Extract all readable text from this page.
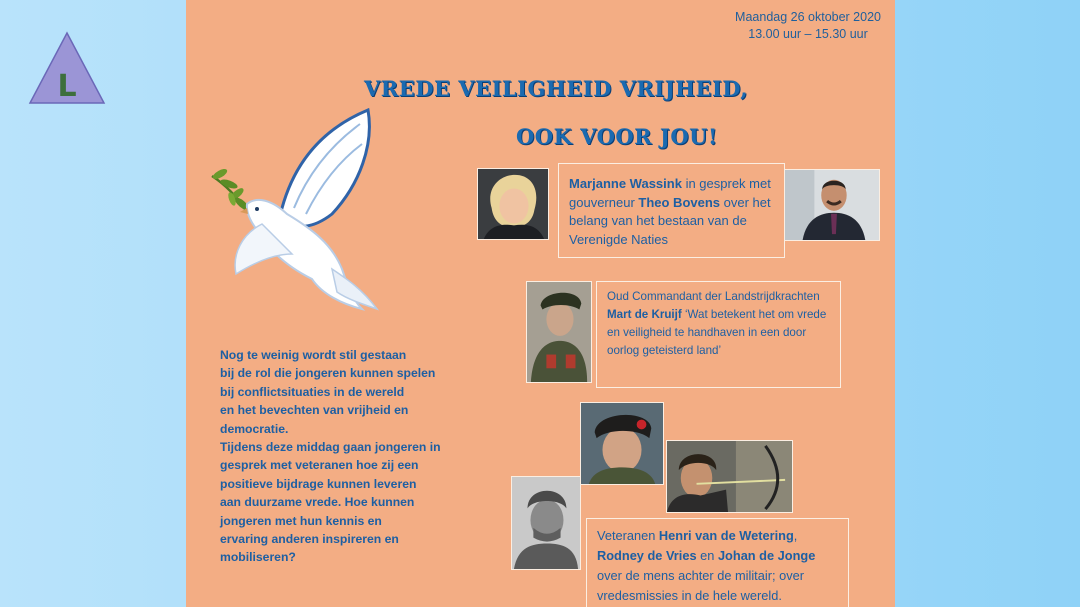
L
Maandag 26 oktober 2020
13.00 uur – 15.30 uur
VREDE VEILIGHEID VRIJHEID,
OOK VOOR JOU!
Nog te weinig wordt stil gestaan
bij de rol die jongeren kunnen spelen
bij conflictsituaties in de wereld
en het bevechten van vrijheid en
democratie.
Tijdens deze middag gaan jongeren in
gesprek met veteranen hoe zij een
positieve bijdrage kunnen leveren
aan duurzame vrede. Hoe kunnen
jongeren met hun kennis en
ervaring anderen inspireren en
mobiliseren?
Marjanne Wassink in gesprek met gouverneur Theo Bovens over het belang van het bestaan van de Verenigde Naties
Oud Commandant der Landstrijdkrachten Mart de Kruijf ‘Wat betekent het om vrede en veiligheid te handhaven in een door oorlog geteisterd land’
Veteranen Henri van de Wetering, Rodney de Vries en Johan de Jonge over de mens achter de militair; over vredesmissies in de hele wereld.
